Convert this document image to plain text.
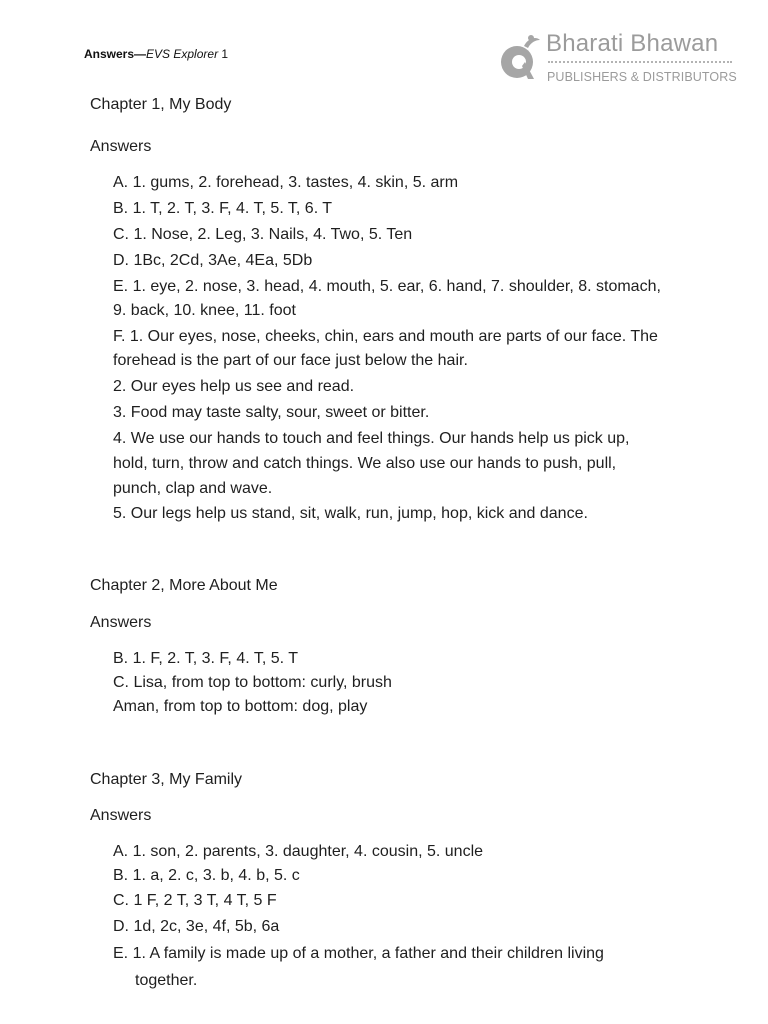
Answers—EVS Explorer 1	Bharati Bhawan
PUBLISHERS & DISTRIBUTORS
Chapter 1, My Body
Answers
A. 1. gums, 2. forehead, 3. tastes, 4. skin, 5. arm
B. 1. T, 2. T, 3. F, 4. T, 5. T, 6. T
C. 1. Nose, 2. Leg, 3. Nails, 4. Two, 5. Ten
D. 1Bc, 2Cd, 3Ae, 4Ea, 5Db
E. 1. eye, 2. nose, 3. head, 4. mouth, 5. ear, 6. hand, 7. shoulder, 8. stomach,
9. back, 10. knee, 11. foot
F. 1. Our eyes, nose, cheeks, chin, ears and mouth are parts of our face. The
forehead is the part of our face just below the hair.
2. Our eyes help us see and read.
3. Food may taste salty, sour, sweet or bitter.
4. We use our hands to touch and feel things. Our hands help us pick up,
hold, turn, throw and catch things. We also use our hands to push, pull,
punch, clap and wave.
5. Our legs help us stand, sit, walk, run, jump, hop, kick and dance.
Chapter 2, More About Me
Answers
B. 1. F, 2. T, 3. F, 4. T, 5. T
C. Lisa, from top to bottom: curly, brush
Aman, from top to bottom: dog, play
Chapter 3, My Family
Answers
A. 1. son, 2. parents, 3. daughter, 4. cousin, 5. uncle
B. 1. a, 2. c, 3. b, 4. b, 5. c
C. 1 F, 2 T, 3 T, 4 T, 5 F
D. 1d, 2c, 3e, 4f, 5b, 6a
E. 1. A family is made up of a mother, a father and their children living
together.
